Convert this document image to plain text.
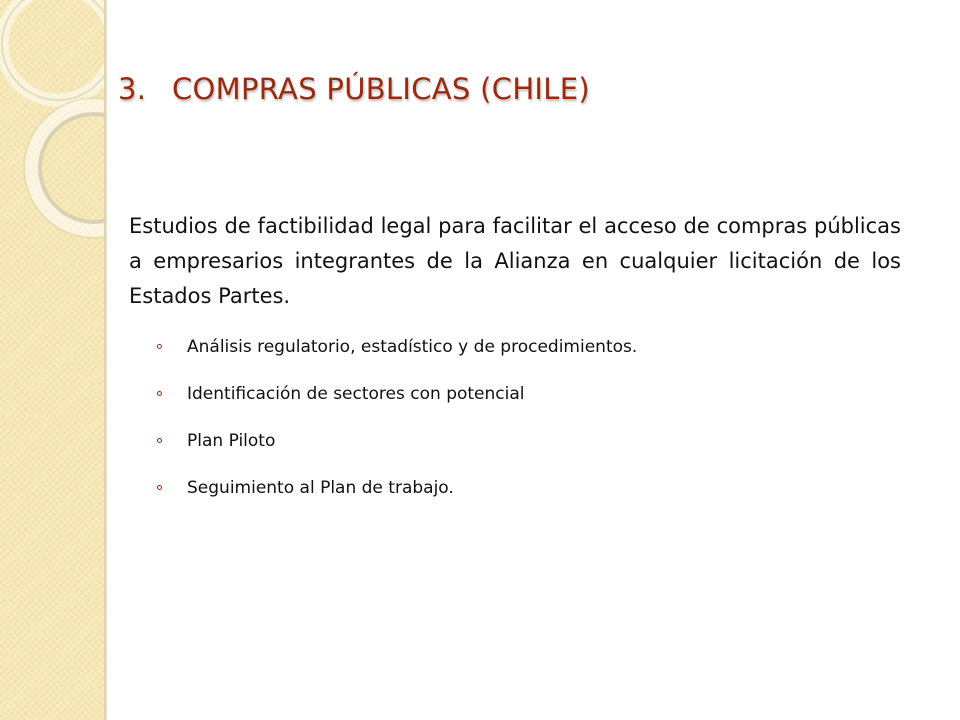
3. COMPRAS PÚBLICAS (CHILE)

Estudios de factibilidad legal para facilitar el acceso de compras públicas a empresarios integrantes de la Alianza en cualquier licitación de los Estados Partes.

Análisis regulatorio, estadístico y de procedimientos.
Identificación de sectores con potencial
Plan Piloto
Seguimiento al Plan de trabajo.
